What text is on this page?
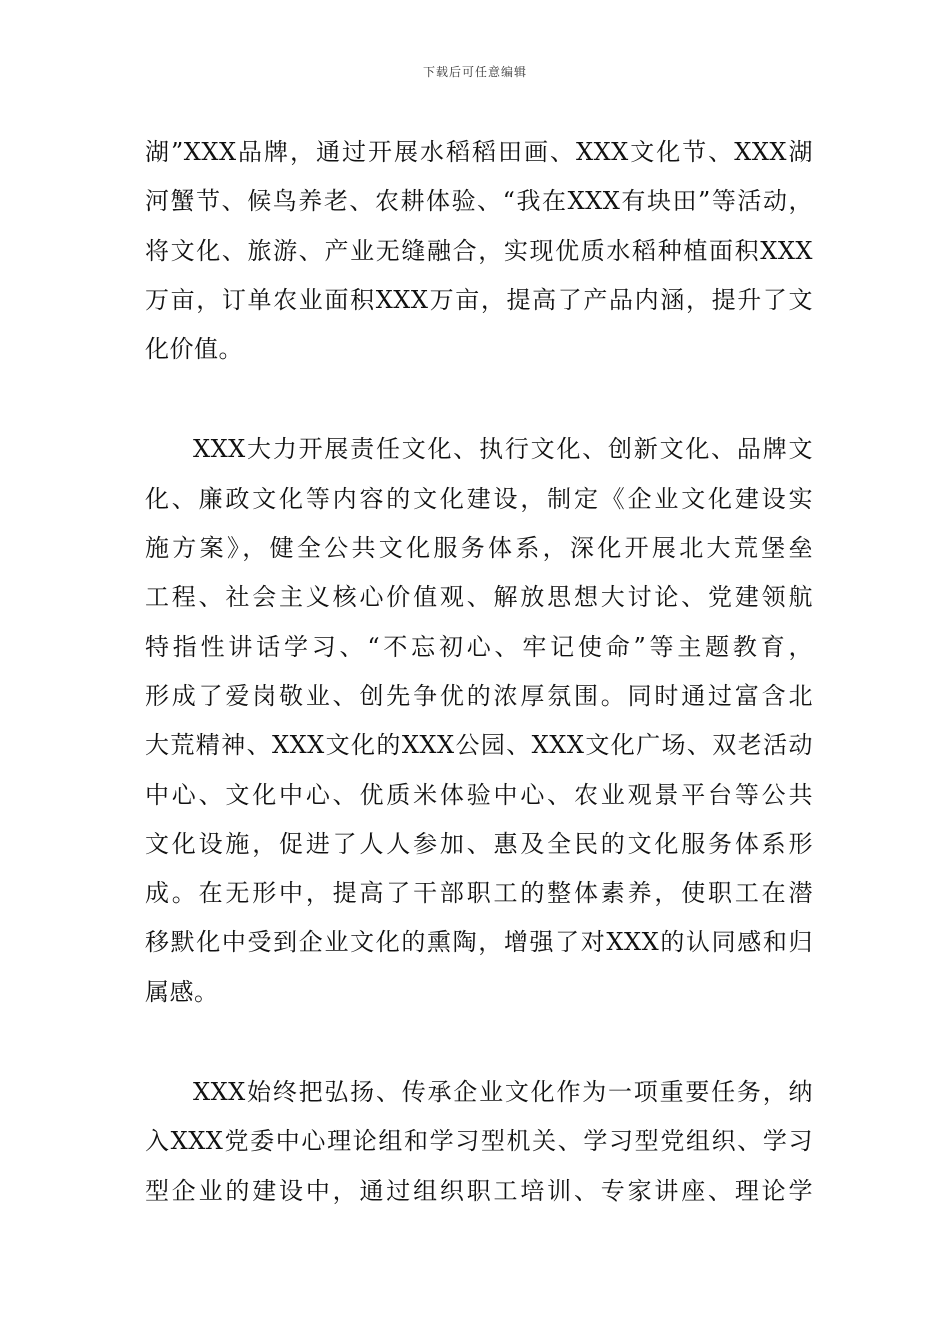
下载后可任意编辑
湖”XXX品牌，通过开展水稻稻田画、XXX文化节、XXX湖
河蟹节、候鸟养老、农耕体验、“我在XXX有块田”等活动，
将文化、旅游、产业无缝融合，实现优质水稻种植面积XXX
万亩，订单农业面积XXX万亩，提高了产品内涵，提升了文
化价值。
XXX大力开展责任文化、执行文化、创新文化、品牌文
化、廉政文化等内容的文化建设，制定《企业文化建设实
施方案》，健全公共文化服务体系，深化开展北大荒堡垒
工程、社会主义核心价值观、解放思想大讨论、党建领航
特指性讲话学习、“不忘初心、牢记使命”等主题教育，
形成了爱岗敬业、创先争优的浓厚氛围。同时通过富含北
大荒精神、XXX文化的XXX公园、XXX文化广场、双老活动
中心、文化中心、优质米体验中心、农业观景平台等公共
文化设施，促进了人人参加、惠及全民的文化服务体系形
成。在无形中，提高了干部职工的整体素养，使职工在潜
移默化中受到企业文化的熏陶，增强了对XXX的认同感和归
属感。
XXX始终把弘扬、传承企业文化作为一项重要任务，纳
入XXX党委中心理论组和学习型机关、学习型党组织、学习
型企业的建设中，通过组织职工培训、专家讲座、理论学
